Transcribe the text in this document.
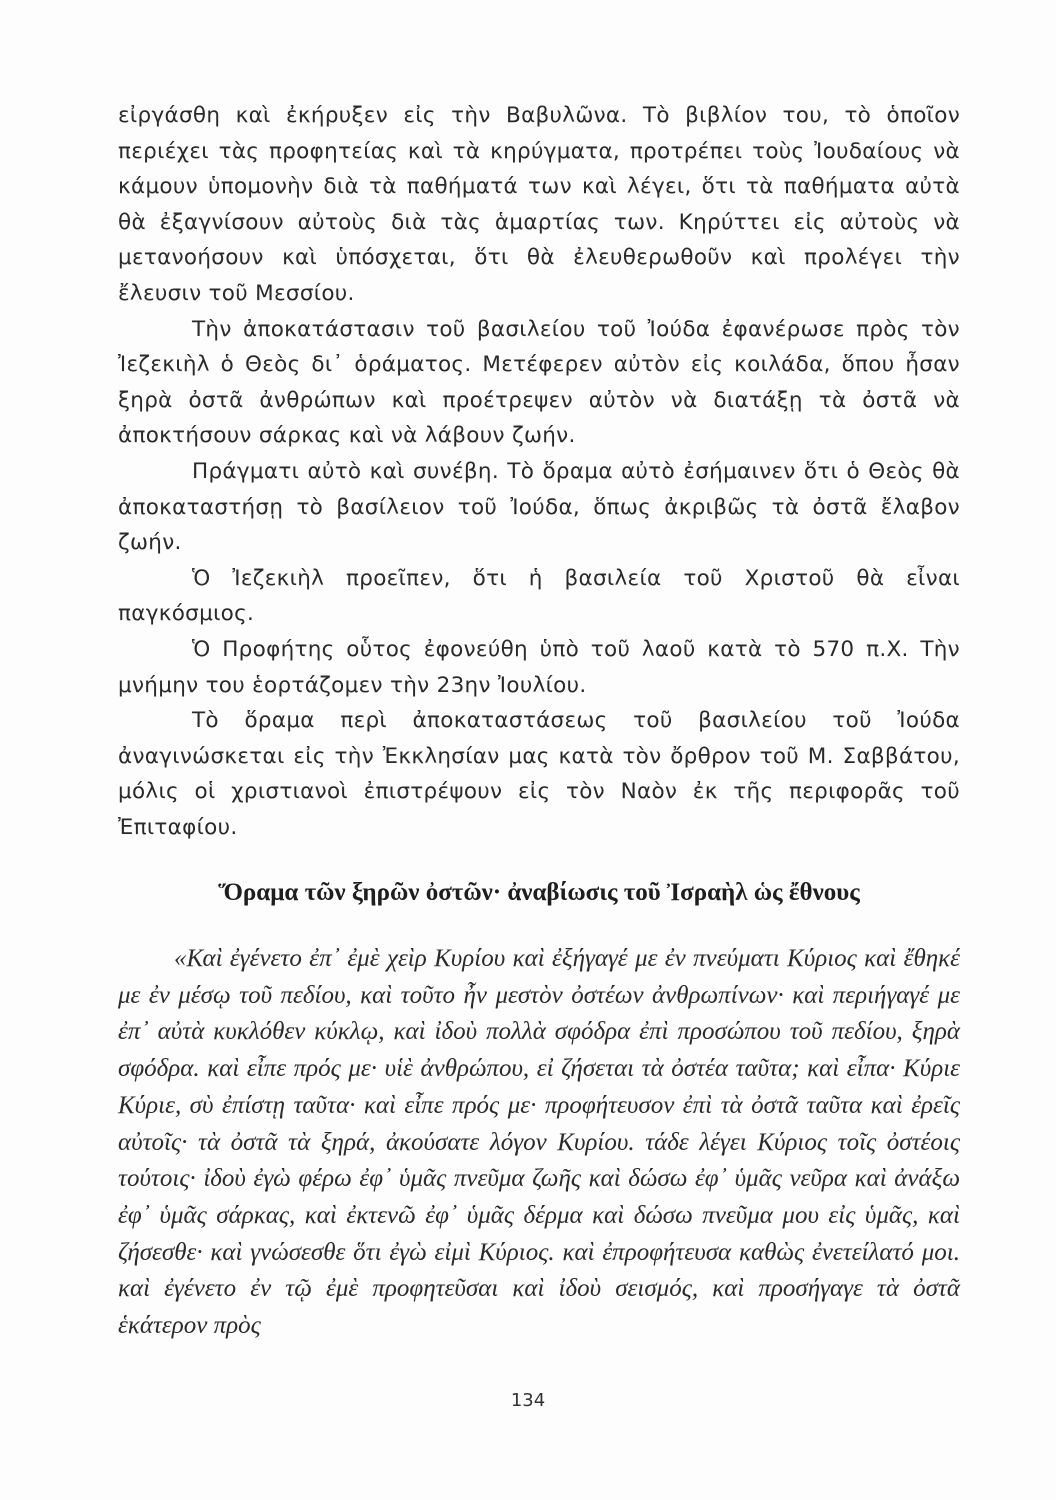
εἰργάσθη καὶ ἐκήρυξεν εἰς τὴν Βαβυλῶνα. Τὸ βιβλίον του, τὸ ὁποῖον περιέχει τὰς προφητείας καὶ τὰ κηρύγματα, προτρέπει τοὺς Ἰουδαίους νὰ κάμουν ὑπομονὴν διὰ τὰ παθήματά των καὶ λέγει, ὅτι τὰ παθήματα αὐτὰ θὰ ἐξαγνίσουν αὐτοὺς διὰ τὰς ἁμαρτίας των. Κηρύττει εἰς αὐτοὺς νὰ μετανοήσουν καὶ ὑπόσχεται, ὅτι θὰ ἐλευθερωθοῦν καὶ προλέγει τὴν ἔλευσιν τοῦ Μεσσίου.

Τὴν ἀποκατάστασιν τοῦ βασιλείου τοῦ Ἰούδα ἐφανέρωσε πρὸς τὸν Ἰεζεκιὴλ ὁ Θεὸς δι᾽ ὁράματος. Μετέφερεν αὐτὸν εἰς κοιλάδα, ὅπου ἦσαν ξηρὰ ὀστᾶ ἀνθρώπων καὶ προέτρεψεν αὐτὸν νὰ διατάξῃ τὰ ὀστᾶ νὰ ἀποκτήσουν σάρκας καὶ νὰ λάβουν ζωήν.

Πράγματι αὐτὸ καὶ συνέβη. Τὸ ὅραμα αὐτὸ ἐσήμαινεν ὅτι ὁ Θεὸς θὰ ἀποκαταστήσῃ τὸ βασίλειον τοῦ Ἰούδα, ὅπως ἀκριβῶς τὰ ὀστᾶ ἔλαβον ζωήν.

Ὁ Ἰεζεκιὴλ προεῖπεν, ὅτι ἡ βασιλεία τοῦ Χριστοῦ θὰ εἶναι παγκόσμιος.

Ὁ Προφήτης οὗτος ἐφονεύθη ὑπὸ τοῦ λαοῦ κατὰ τὸ 570 π.Χ. Τὴν μνήμην του ἑορτάζομεν τὴν 23ην Ἰουλίου.

Τὸ ὅραμα περὶ ἀποκαταστάσεως τοῦ βασιλείου τοῦ Ἰούδα ἀναγινώσκεται εἰς τὴν Ἐκκλησίαν μας κατὰ τὸν ὄρθρον τοῦ Μ. Σαββάτου, μόλις οἱ χριστιανοὶ ἐπιστρέψουν εἰς τὸν Ναὸν ἐκ τῆς περιφορᾶς τοῦ Ἐπιταφίου.

Ὅραμα τῶν ξηρῶν ὀστῶν· ἀναβίωσις τοῦ Ἰσραὴλ ὡς ἔθνους

«Καὶ ἐγένετο ἐπ᾽ ἐμὲ χεὶρ Κυρίου καὶ ἐξήγαγέ με ἐν πνεύματι Κύριος καὶ ἔθηκέ με ἐν μέσῳ τοῦ πεδίου, καὶ τοῦτο ἦν μεστὸν ὀστέων ἀνθρωπίνων· καὶ περιήγαγέ με ἐπ᾽ αὐτὰ κυκλόθεν κύκλῳ, καὶ ἰδοὺ πολλὰ σφόδρα ἐπὶ προσώπου τοῦ πεδίου, ξηρὰ σφόδρα. καὶ εἶπε πρός με· υἱὲ ἀνθρώπου, εἰ ζήσεται τὰ ὀστέα ταῦτα; καὶ εἶπα· Κύριε Κύριε, σὺ ἐπίστῃ ταῦτα· καὶ εἶπε πρός με· προφήτευσον ἐπὶ τὰ ὀστᾶ ταῦτα καὶ ἐρεῖς αὐτοῖς· τὰ ὀστᾶ τὰ ξηρά, ἀκούσατε λόγον Κυρίου. τάδε λέγει Κύριος τοῖς ὀστέοις τούτοις· ἰδοὺ ἐγὼ φέρω ἐφ᾽ ὑμᾶς πνεῦμα ζωῆς καὶ δώσω ἐφ᾽ ὑμᾶς νεῦρα καὶ ἀνάξω ἐφ᾽ ὑμᾶς σάρκας, καὶ ἐκτενῶ ἐφ᾽ ὑμᾶς δέρμα καὶ δώσω πνεῦμα μου εἰς ὑμᾶς, καὶ ζήσεσθε· καὶ γνώσεσθε ὅτι ἐγὼ εἰμὶ Κύριος. καὶ ἐπροφήτευσα καθὼς ἐνετείλατό μοι. καὶ ἐγένετο ἐν τῷ ἐμὲ προφητεῦσαι καὶ ἰδοὺ σεισμός, καὶ προσήγαγε τὰ ὀστᾶ ἑκάτερον πρὸς

134
